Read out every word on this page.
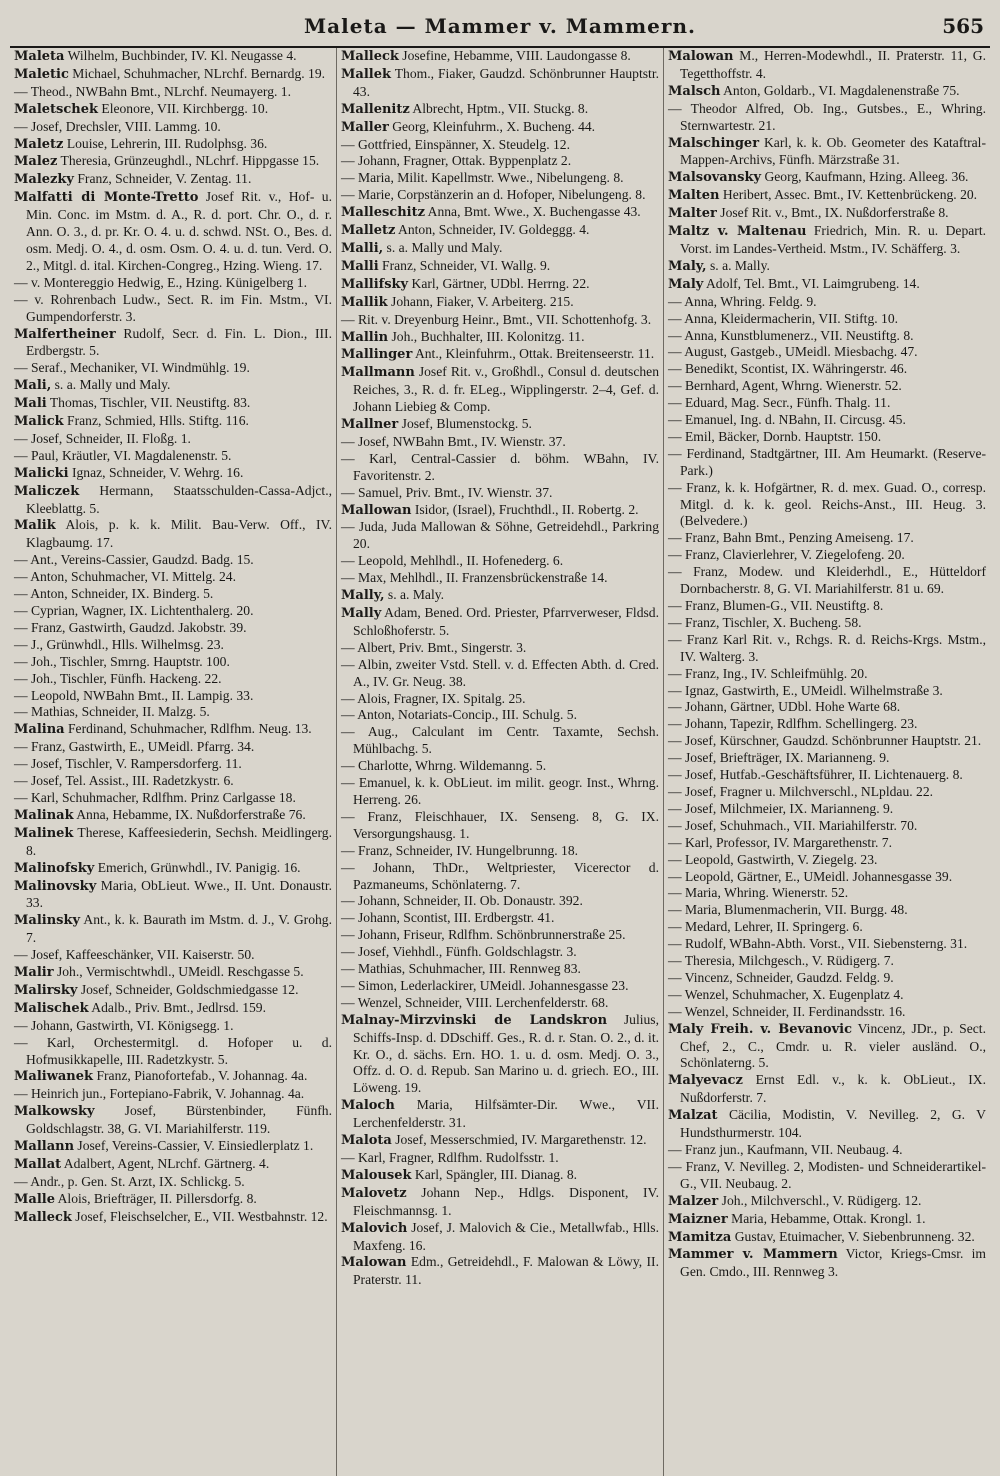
Maleta — Mammer v. Mammern.	565

Maleta Wilhelm, Buchbinder, IV. Kl. Neugasse 4.

Maletic Michael, Schuhmacher, NLrchf. Bernardg. 19.

— Theod., NWBahn Bmt., NLrchf. Neumayerg. 1.

Maletschek Eleonore, VII. Kirchbergg. 10.

— Josef, Drechsler, VIII. Lammg. 10.

Maletz Louise, Lehrerin, III. Rudolphsg. 36.

Malez Theresia, Grünzeughdl., NLchrf. Hippgasse 15.

Malezky Franz, Schneider, V. Zentag. 11.

Malfatti di Monte-Tretto Josef Rit. v., Hof- u. Min. Conc. im Mstm. d. A., R. d. port. Chr. O., d. r. Ann. O. 3., d. pr. Kr. O. 4. u. d. schwd. NSt. O., Bes. d. osm. Medj. O. 4., d. osm. Osm. O. 4. u. d. tun. Verd. O. 2., Mitgl. d. ital. Kirchen-Congreg., Hzing. Wieng. 17.

— v. Montereggio Hedwig, E., Hzing. Künigelberg 1.

— v. Rohrenbach Ludw., Sect. R. im Fin. Mstm., VI. Gumpendorferstr. 3.

Malfertheiner Rudolf, Secr. d. Fin. L. Dion., III. Erdbergstr. 5.

— Seraf., Mechaniker, VI. Windmühlg. 19.

Mali, s. a. Mally und Maly.

Mali Thomas, Tischler, VII. Neustiftg. 83.

Malick Franz, Schmied, Hlls. Stiftg. 116.

— Josef, Schneider, II. Floßg. 1.

— Paul, Kräutler, VI. Magdalenenstr. 5.

Malicki Ignaz, Schneider, V. Wehrg. 16.

Maliczek Hermann, Staatsschulden-Cassa-Adjct., Kleeblattg. 5.

Malik Alois, p. k. k. Milit. Bau-Verw. Off., IV. Klagbaumg. 17.

— Ant., Vereins-Cassier, Gaudzd. Badg. 15.

— Anton, Schuhmacher, VI. Mittelg. 24.

— Anton, Schneider, IX. Binderg. 5.

— Cyprian, Wagner, IX. Lichtenthalerg. 20.

— Franz, Gastwirth, Gaudzd. Jakobstr. 39.

— J., Grünwhdl., Hlls. Wilhelmsg. 23.

— Joh., Tischler, Smrng. Hauptstr. 100.

— Joh., Tischler, Fünfh. Hackeng. 22.

— Leopold, NWBahn Bmt., II. Lampig. 33.

— Mathias, Schneider, II. Malzg. 5.

Malina Ferdinand, Schuhmacher, Rdlfhm. Neug. 13.

— Franz, Gastwirth, E., UMeidl. Pfarrg. 34.

— Josef, Tischler, V. Rampersdorferg. 11.

— Josef, Tel. Assist., III. Radetzkystr. 6.

— Karl, Schuhmacher, Rdlfhm. Prinz Carlgasse 18.

Malinak Anna, Hebamme, IX. Nußdorferstraße 76.

Malinek Therese, Kaffeesiederin, Sechsh. Meidlingerg. 8.

Malinofsky Emerich, Grünwhdl., IV. Panigig. 16.

Malinovsky Maria, ObLieut. Wwe., II. Unt. Donaustr. 33.

Malinsky Ant., k. k. Baurath im Mstm. d. J., V. Grohg. 7.

— Josef, Kaffeeschänker, VII. Kaiserstr. 50.

Malir Joh., Vermischtwhdl., UMeidl. Reschgasse 5.

Malirsky Josef, Schneider, Goldschmiedgasse 12.

Malischek Adalb., Priv. Bmt., Jedlrsd. 159.

— Johann, Gastwirth, VI. Königsegg. 1.

— Karl, Orchestermitgl. d. Hofoper u. d. Hofmusikkapelle, III. Radetzkystr. 5.

Maliwanek Franz, Pianofortefab., V. Johannag. 4a.

— Heinrich jun., Fortepiano-Fabrik, V. Johannag. 4a.

Malkowsky Josef, Bürstenbinder, Fünfh. Goldschlagstr. 38, G. VI. Mariahilferstr. 119.

Mallann Josef, Vereins-Cassier, V. Einsiedlerplatz 1.

Mallat Adalbert, Agent, NLrchf. Gärtnerg. 4.

— Andr., p. Gen. St. Arzt, IX. Schlickg. 5.

Malle Alois, Briefträger, II. Pillersdorfg. 8.

Malleck Josef, Fleischselcher, E., VII. Westbahnstr. 12.

Malleck Josefine, Hebamme, VIII. Laudongasse 8.

Mallek Thom., Fiaker, Gaudzd. Schönbrunner Hauptstr. 43.

Mallenitz Albrecht, Hptm., VII. Stuckg. 8.

Maller Georg, Kleinfuhrm., X. Bucheng. 44.

— Gottfried, Einspänner, X. Steudelg. 12.

— Johann, Fragner, Ottak. Byppenplatz 2.

— Maria, Milit. Kapellmstr. Wwe., Nibelungeng. 8.

— Marie, Corpstänzerin an d. Hofoper, Nibelungeng. 8.

Malleschitz Anna, Bmt. Wwe., X. Buchengasse 43.

Malletz Anton, Schneider, IV. Goldeggg. 4.

Malli, s. a. Mally und Maly.

Malli Franz, Schneider, VI. Wallg. 9.

Mallifsky Karl, Gärtner, UDbl. Herrng. 22.

Mallik Johann, Fiaker, V. Arbeiterg. 215.

— Rit. v. Dreyenburg Heinr., Bmt., VII. Schottenhofg. 3.

Mallin Joh., Buchhalter, III. Kolonitzg. 11.

Mallinger Ant., Kleinfuhrm., Ottak. Breitenseerstr. 11.

Mallmann Josef Rit. v., Großhdl., Consul d. deutschen Reiches, 3., R. d. fr. ELeg., Wipplingerstr. 2–4, Gef. d. Johann Liebieg & Comp.

Mallner Josef, Blumenstockg. 5.

— Josef, NWBahn Bmt., IV. Wienstr. 37.

— Karl, Central-Cassier d. böhm. WBahn, IV. Favoritenstr. 2.

— Samuel, Priv. Bmt., IV. Wienstr. 37.

Mallowan Isidor, (Israel), Fruchthdl., II. Robertg. 2.

— Juda, Juda Mallowan & Söhne, Getreidehdl., Parkring 20.

— Leopold, Mehlhdl., II. Hofenederg. 6.

— Max, Mehlhdl., II. Franzensbrückenstraße 14.

Mally, s. a. Maly.

Mally Adam, Bened. Ord. Priester, Pfarrverweser, Fldsd. Schloßhoferstr. 5.

— Albert, Priv. Bmt., Singerstr. 3.

— Albin, zweiter Vstd. Stell. v. d. Effecten Abth. d. Cred. A., IV. Gr. Neug. 38.

— Alois, Fragner, IX. Spitalg. 25.

— Anton, Notariats-Concip., III. Schulg. 5.

— Aug., Calculant im Centr. Taxamte, Sechsh. Mühlbachg. 5.

— Charlotte, Whrng. Wildemanng. 5.

— Emanuel, k. k. ObLieut. im milit. geogr. Inst., Whrng. Herreng. 26.

— Franz, Fleischhauer, IX. Senseng. 8, G. IX. Versorgungshausg. 1.

— Franz, Schneider, IV. Hungelbrunng. 18.

— Johann, ThDr., Weltpriester, Vicerector d. Pazmaneums, Schönlaterng. 7.

— Johann, Schneider, II. Ob. Donaustr. 392.

— Johann, Scontist, III. Erdbergstr. 41.

— Johann, Friseur, Rdlfhm. Schönbrunnerstraße 25.

— Josef, Viehhdl., Fünfh. Goldschlagstr. 3.

— Mathias, Schuhmacher, III. Rennweg 83.

— Simon, Lederlackirer, UMeidl. Johannesgasse 23.

— Wenzel, Schneider, VIII. Lerchenfelderstr. 68.

Malnay-Mirzvinski de Landskron Julius, Schiffs-Insp. d. DDschiff. Ges., R. d. r. Stan. O. 2., d. it. Kr. O., d. sächs. Ern. HO. 1. u. d. osm. Medj. O. 3., Offz. d. O. d. Repub. San Marino u. d. griech. EO., III. Löweng. 19.

Maloch Maria, Hilfsämter-Dir. Wwe., VII. Lerchenfelderstr. 31.

Malota Josef, Messerschmied, IV. Margarethenstr. 12.

— Karl, Fragner, Rdlfhm. Rudolfsstr. 1.

Malousek Karl, Spängler, III. Dianag. 8.

Malovetz Johann Nep., Hdlgs. Disponent, IV. Fleischmannsg. 1.

Malovich Josef, J. Malovich & Cie., Metallwfab., Hlls. Maxfeng. 16.

Malowan Edm., Getreidehdl., F. Malowan & Löwy, II. Praterstr. 11.

Malowan M., Herren-Modewhdl., II. Praterstr. 11, G. Tegetthoffstr. 4.

Malsch Anton, Goldarb., VI. Magdalenenstraße 75.

— Theodor Alfred, Ob. Ing., Gutsbes., E., Whring. Sternwartestr. 21.

Malschinger Karl, k. k. Ob. Geometer des Kataftral-Mappen-Archivs, Fünfh. Märzstraße 31.

Malsovansky Georg, Kaufmann, Hzing. Alleeg. 36.

Malten Heribert, Assec. Bmt., IV. Kettenbrückeng. 20.

Malter Josef Rit. v., Bmt., IX. Nußdorferstraße 8.

Maltz v. Maltenau Friedrich, Min. R. u. Depart. Vorst. im Landes-Vertheid. Mstm., IV. Schäfferg. 3.

Maly, s. a. Mally.

Maly Adolf, Tel. Bmt., VI. Laimgrubeng. 14.

— Anna, Whring. Feldg. 9.

— Anna, Kleidermacherin, VII. Stiftg. 10.

— Anna, Kunstblumenerz., VII. Neustiftg. 8.

— August, Gastgeb., UMeidl. Miesbachg. 47.

— Benedikt, Scontist, IX. Währingerstr. 46.

— Bernhard, Agent, Whrng. Wienerstr. 52.

— Eduard, Mag. Secr., Fünfh. Thalg. 11.

— Emanuel, Ing. d. NBahn, II. Circusg. 45.

— Emil, Bäcker, Dornb. Hauptstr. 150.

— Ferdinand, Stadtgärtner, III. Am Heumarkt. (Reserve-Park.)

— Franz, k. k. Hofgärtner, R. d. mex. Guad. O., corresp. Mitgl. d. k. k. geol. Reichs-Anst., III. Heug. 3. (Belvedere.)

— Franz, Bahn Bmt., Penzing Ameiseng. 17.

— Franz, Clavierlehrer, V. Ziegelofeng. 20.

— Franz, Modew. und Kleiderhdl., E., Hütteldorf Dornbacherstr. 8, G. VI. Mariahilferstr. 81 u. 69.

— Franz, Blumen-G., VII. Neustiftg. 8.

— Franz, Tischler, X. Bucheng. 58.

— Franz Karl Rit. v., Rchgs. R. d. Reichs-Krgs. Mstm., IV. Walterg. 3.

— Franz, Ing., IV. Schleifmühlg. 20.

— Ignaz, Gastwirth, E., UMeidl. Wilhelmstraße 3.

— Johann, Gärtner, UDbl. Hohe Warte 68.

— Johann, Tapezir, Rdlfhm. Schellingerg. 23.

— Josef, Kürschner, Gaudzd. Schönbrunner Hauptstr. 21.

— Josef, Briefträger, IX. Marianneng. 9.

— Josef, Hutfab.-Geschäftsführer, II. Lichtenauerg. 8.

— Josef, Fragner u. Milchverschl., NLpldau. 22.

— Josef, Milchmeier, IX. Marianneng. 9.

— Josef, Schuhmach., VII. Mariahilferstr. 70.

— Karl, Professor, IV. Margarethenstr. 7.

— Leopold, Gastwirth, V. Ziegelg. 23.

— Leopold, Gärtner, E., UMeidl. Johannesgasse 39.

— Maria, Whring. Wienerstr. 52.

— Maria, Blumenmacherin, VII. Burgg. 48.

— Medard, Lehrer, II. Springerg. 6.

— Rudolf, WBahn-Abth. Vorst., VII. Siebensterng. 31.

— Theresia, Milchgesch., V. Rüdigerg. 7.

— Vincenz, Schneider, Gaudzd. Feldg. 9.

— Wenzel, Schuhmacher, X. Eugenplatz 4.

— Wenzel, Schneider, II. Ferdinandsstr. 16.

Maly Freih. v. Bevanovic Vincenz, JDr., p. Sect. Chef, 2., C., Cmdr. u. R. vieler ausländ. O., Schönlaterng. 5.

Malyevacz Ernst Edl. v., k. k. ObLieut., IX. Nußdorferstr. 7.

Malzat Cäcilia, Modistin, V. Nevilleg. 2, G. V Hundsthurmerstr. 104.

— Franz jun., Kaufmann, VII. Neubaug. 4.

— Franz, V. Nevilleg. 2, Modisten- und Schneiderartikel-G., VII. Neubaug. 2.

Malzer Joh., Milchverschl., V. Rüdigerg. 12.

Maizner Maria, Hebamme, Ottak. Krongl. 1.

Mamitza Gustav, Etuimacher, V. Siebenbrunneng. 32.

Mammer v. Mammern Victor, Kriegs-Cmsr. im Gen. Cmdo., III. Rennweg 3.
